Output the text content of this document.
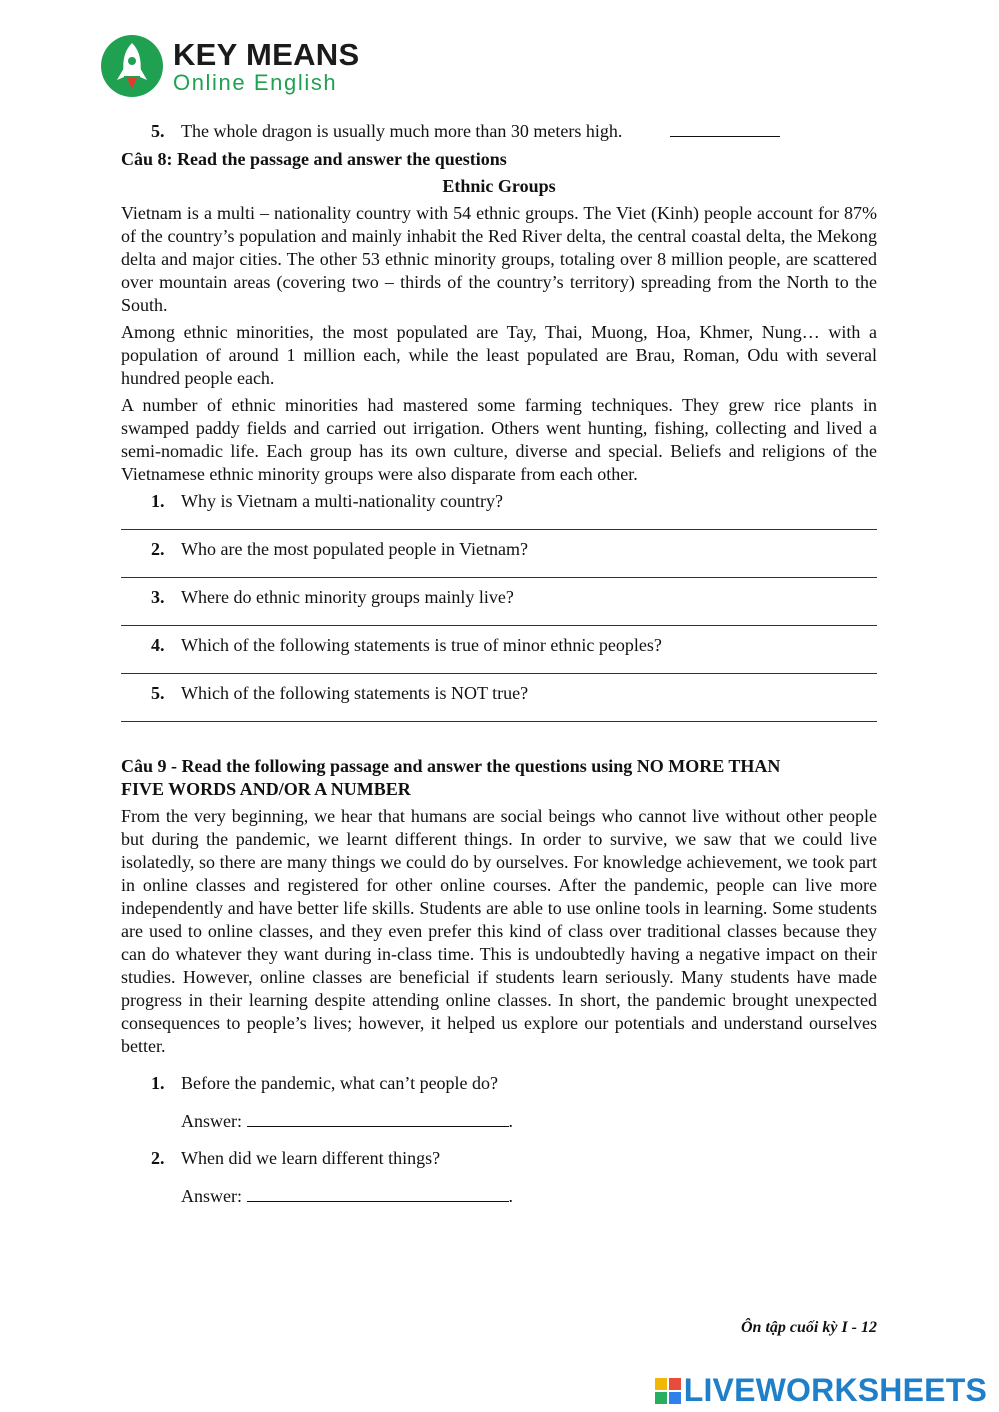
KEY MEANS
Online English
5. The whole dragon is usually much more than 30 meters high.
Câu 8: Read the passage and answer the questions
Ethnic Groups

Vietnam is a multi – nationality country with 54 ethnic groups. The Viet (Kinh) people account for 87% of the country’s population and mainly inhabit the Red River delta, the central coastal delta, the Mekong delta and major cities. The other 53 ethnic minority groups, totaling over 8 million people, are scattered over mountain areas (covering two – thirds of the country’s territory) spreading from the North to the South.

Among ethnic minorities, the most populated are Tay, Thai, Muong, Hoa, Khmer, Nung… with a population of around 1 million each, while the least populated are Brau, Roman, Odu with several hundred people each.

A number of ethnic minorities had mastered some farming techniques. They grew rice plants in swamped paddy fields and carried out irrigation. Others went hunting, fishing, collecting and lived a semi-nomadic life. Each group has its own culture, diverse and special. Beliefs and religions of the Vietnamese ethnic minority groups were also disparate from each other.

1. Why is Vietnam a multi-nationality country?
2. Who are the most populated people in Vietnam?
3. Where do ethnic minority groups mainly live?
4. Which of the following statements is true of minor ethnic peoples?
5. Which of the following statements is NOT true?
Câu 9 - Read the following passage and answer the questions using NO MORE THAN
FIVE WORDS AND/OR A NUMBER

From the very beginning, we hear that humans are social beings who cannot live without other people but during the pandemic, we learnt different things. In order to survive, we saw that we could live isolatedly, so there are many things we could do by ourselves. For knowledge achievement, we took part in online classes and registered for other online courses. After the pandemic, people can live more independently and have better life skills. Students are able to use online tools in learning. Some students are used to online classes, and they even prefer this kind of class over traditional classes because they can do whatever they want during in-class time. This is undoubtedly having a negative impact on their studies. However, online classes are beneficial if students learn seriously. Many students have made progress in their learning despite attending online classes. In short, the pandemic brought unexpected consequences to people’s lives; however, it helped us explore our potentials and understand ourselves better.

1. Before the pandemic, what can’t people do?
Answer:	.
2. When did we learn different things?
Answer:	.
Ôn tập cuối kỳ I - 12
LIVEWORKSHEETS
